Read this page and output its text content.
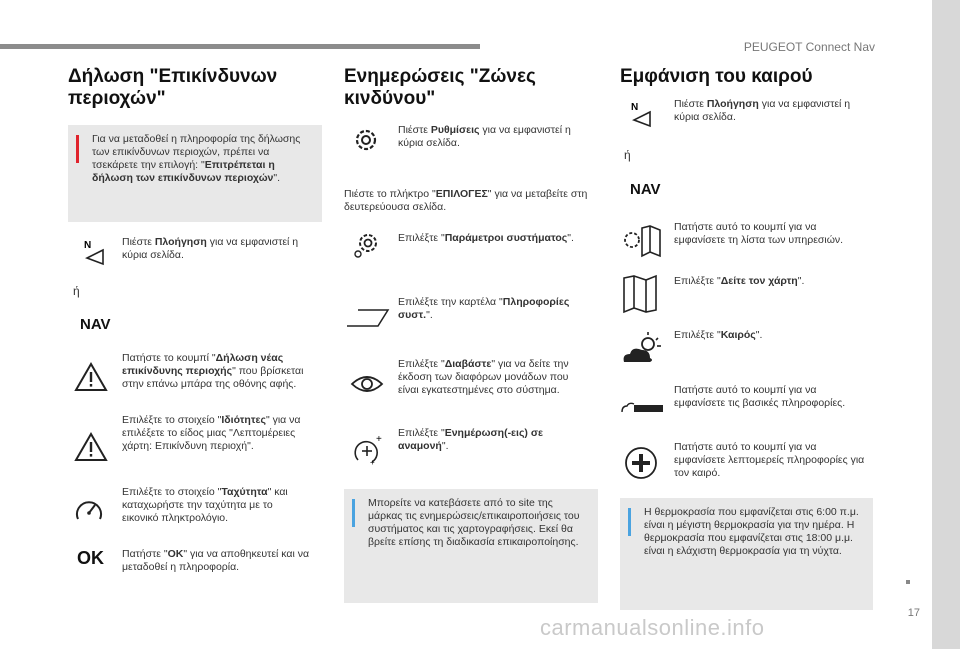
PEUGEOT Connect Nav
17
Δήλωση "Επικίνδυνων περιοχών"
Για να μεταδοθεί η πληροφορία της δήλωσης των επικίνδυνων περιοχών, πρέπει να τσεκάρετε την επιλογή: "Επιτρέπεται η δήλωση των επικίνδυνων περιοχών".
N	Πιέστε Πλοήγηση για να εμφανιστεί η κύρια σελίδα.
ή
NAV
Πατήστε το κουμπί "Δήλωση νέας επικίνδυνης περιοχής" που βρίσκεται στην επάνω μπάρα της οθόνης αφής.
Επιλέξτε το στοιχείο "Ιδιότητες" για να επιλέξετε το είδος μιας "Λεπτομέρειες χάρτη: Επικίνδυνη περιοχή".
Επιλέξτε το στοιχείο "Ταχύτητα" και καταχωρήστε την ταχύτητα με το εικονικό πληκτρολόγιο.
OK Πατήστε "OK" για να αποθηκευτεί και να μεταδοθεί η πληροφορία.
Ενημερώσεις "Ζώνες κινδύνου"
Πιέστε Ρυθμίσεις για να εμφανιστεί η κύρια σελίδα.
Πιέστε το πλήκτρο "ΕΠΙΛΟΓΕΣ" για να μεταβείτε στη δευτερεύουσα σελίδα.
Επιλέξτε "Παράμετροι συστήματος".
Επιλέξτε την καρτέλα "Πληροφορίες συστ.".
Επιλέξτε "Διαβάστε" για να δείτε την έκδοση των διαφόρων μονάδων που είναι εγκατεστημένες στο σύστημα.
+
+
Επιλέξτε "Ενημέρωση(-εις) σε αναμονή".
Μπορείτε να κατεβάσετε από το site της μάρκας τις ενημερώσεις/επικαιροποιήσεις του συστήματος και τις χαρτογραφήσεις. Εκεί θα βρείτε επίσης τη διαδικασία επικαιροποίησης.
Εμφάνιση του καιρού
N	Πιέστε Πλοήγηση για να εμφανιστεί η κύρια σελίδα.
ή
NAV
Πατήστε αυτό το κουμπί για να εμφανίσετε τη λίστα των υπηρεσιών.
Επιλέξτε "Δείτε τον χάρτη".
Επιλέξτε "Καιρός".
Πατήστε αυτό το κουμπί για να εμφανίσετε τις βασικές πληροφορίες.
Πατήστε αυτό το κουμπί για να εμφανίσετε λεπτομερείς πληροφορίες για τον καιρό.
Η θερμοκρασία που εμφανίζεται στις 6:00 π.μ. είναι η μέγιστη θερμοκρασία για την ημέρα. Η θερμοκρασία που εμφανίζεται στις 18:00 μ.μ. είναι η ελάχιστη θερμοκρασία για τη νύχτα.
carmanualsonline.info
